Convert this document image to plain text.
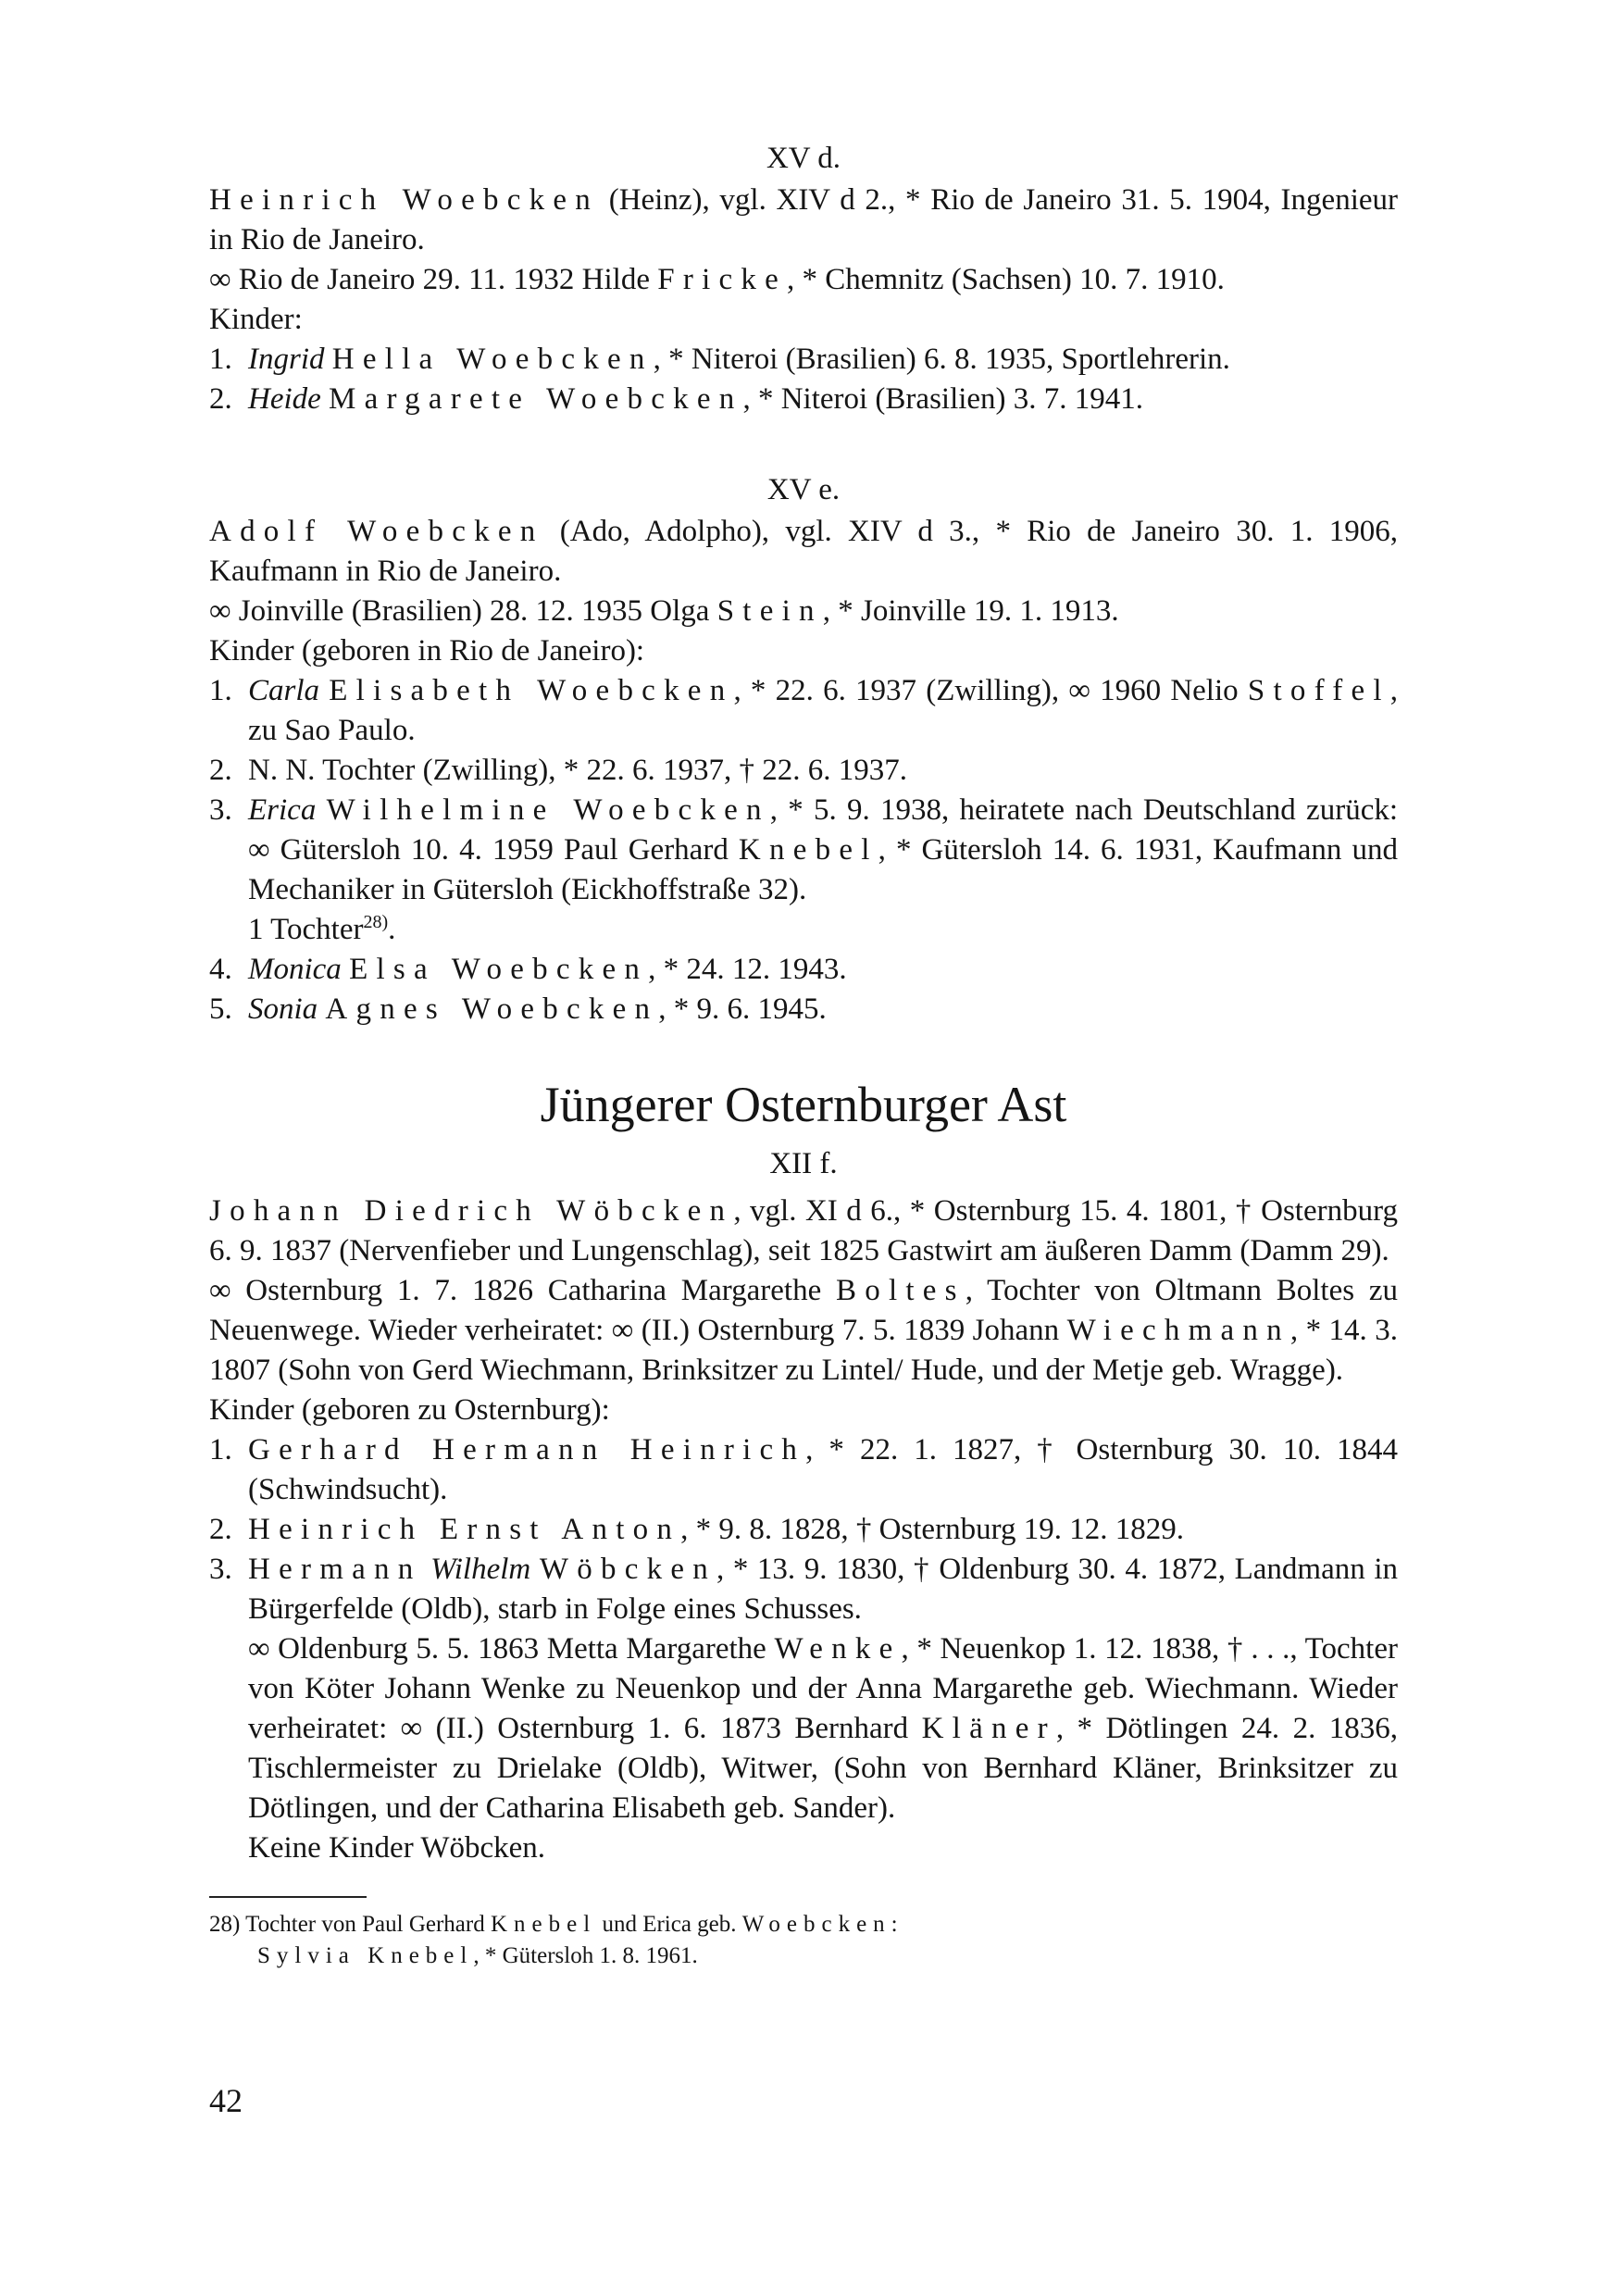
XV d.
Heinrich Woebcken (Heinz), vgl. XIV d 2., * Rio de Janeiro 31. 5. 1904, Ingenieur in Rio de Janeiro.
∞ Rio de Janeiro 29. 11. 1932 Hilde Fricke, * Chemnitz (Sachsen) 10. 7. 1910.
Kinder:
1. Ingrid Hella Woebcken, * Niteroi (Brasilien) 6. 8. 1935, Sportlehrerin.
2. Heide Margarete Woebcken, * Niteroi (Brasilien) 3. 7. 1941.
XV e.
Adolf Woebcken (Ado, Adolpho), vgl. XIV d 3., * Rio de Janeiro 30. 1. 1906, Kaufmann in Rio de Janeiro.
∞ Joinville (Brasilien) 28. 12. 1935 Olga Stein, * Joinville 19. 1. 1913.
Kinder (geboren in Rio de Janeiro):
1. Carla Elisabeth Woebcken, * 22. 6. 1937 (Zwilling), ∞ 1960 Nelio Stoffel, zu Sao Paulo.
2. N. N. Tochter (Zwilling), * 22. 6. 1937, † 22. 6. 1937.
3. Erica Wilhelmine Woebcken, * 5. 9. 1938, heiratete nach Deutschland zurück: ∞ Gütersloh 10. 4. 1959 Paul Gerhard Knebel, * Gütersloh 14. 6. 1931, Kaufmann und Mechaniker in Gütersloh (Eickhoffstraße 32).
1 Tochter$^{28)}$.
4. Monica Elsa Woebcken, * 24. 12. 1943.
5. Sonia Agnes Woebcken, * 9. 6. 1945.
Jüngerer Osternburger Ast
XII f.
Johann Diedrich Wöbcken, vgl. XI d 6., * Osternburg 15. 4. 1801, † Osternburg 6. 9. 1837 (Nervenfieber und Lungenschlag), seit 1825 Gastwirt am äußeren Damm (Damm 29).
∞ Osternburg 1. 7. 1826 Catharina Margarethe Boltes, Tochter von Oltmann Boltes zu Neuenwege. Wieder verheiratet: ∞ (II.) Osternburg 7. 5. 1839 Johann Wiechmann, * 14. 3. 1807 (Sohn von Gerd Wiechmann, Brinksitzer zu Lintel/ Hude, und der Metje geb. Wragge).
Kinder (geboren zu Osternburg):
1. Gerhard Hermann Heinrich, * 22. 1. 1827, † Osternburg 30. 10. 1844 (Schwindsucht).
2. Heinrich Ernst Anton, * 9. 8. 1828, † Osternburg 19. 12. 1829.
3. Hermann Wilhelm Wöbcken, * 13. 9. 1830, † Oldenburg 30. 4. 1872, Landmann in Bürgerfelde (Oldb), starb in Folge eines Schusses.
∞ Oldenburg 5. 5. 1863 Metta Margarethe Wenke, * Neuenkop 1. 12. 1838, † . . ., Tochter von Köter Johann Wenke zu Neuenkop und der Anna Margarethe geb. Wiechmann. Wieder verheiratet: ∞ (II.) Osternburg 1. 6. 1873 Bernhard Kläner, * Dötlingen 24. 2. 1836, Tischlermeister zu Drielake (Oldb), Witwer, (Sohn von Bernhard Kläner, Brinksitzer zu Dötlingen, und der Catharina Elisabeth geb. Sander).
Keine Kinder Wöbcken.
28) Tochter von Paul Gerhard Knebel und Erica geb. Woebcken:
Sylvia Knebel, * Gütersloh 1. 8. 1961.
42
